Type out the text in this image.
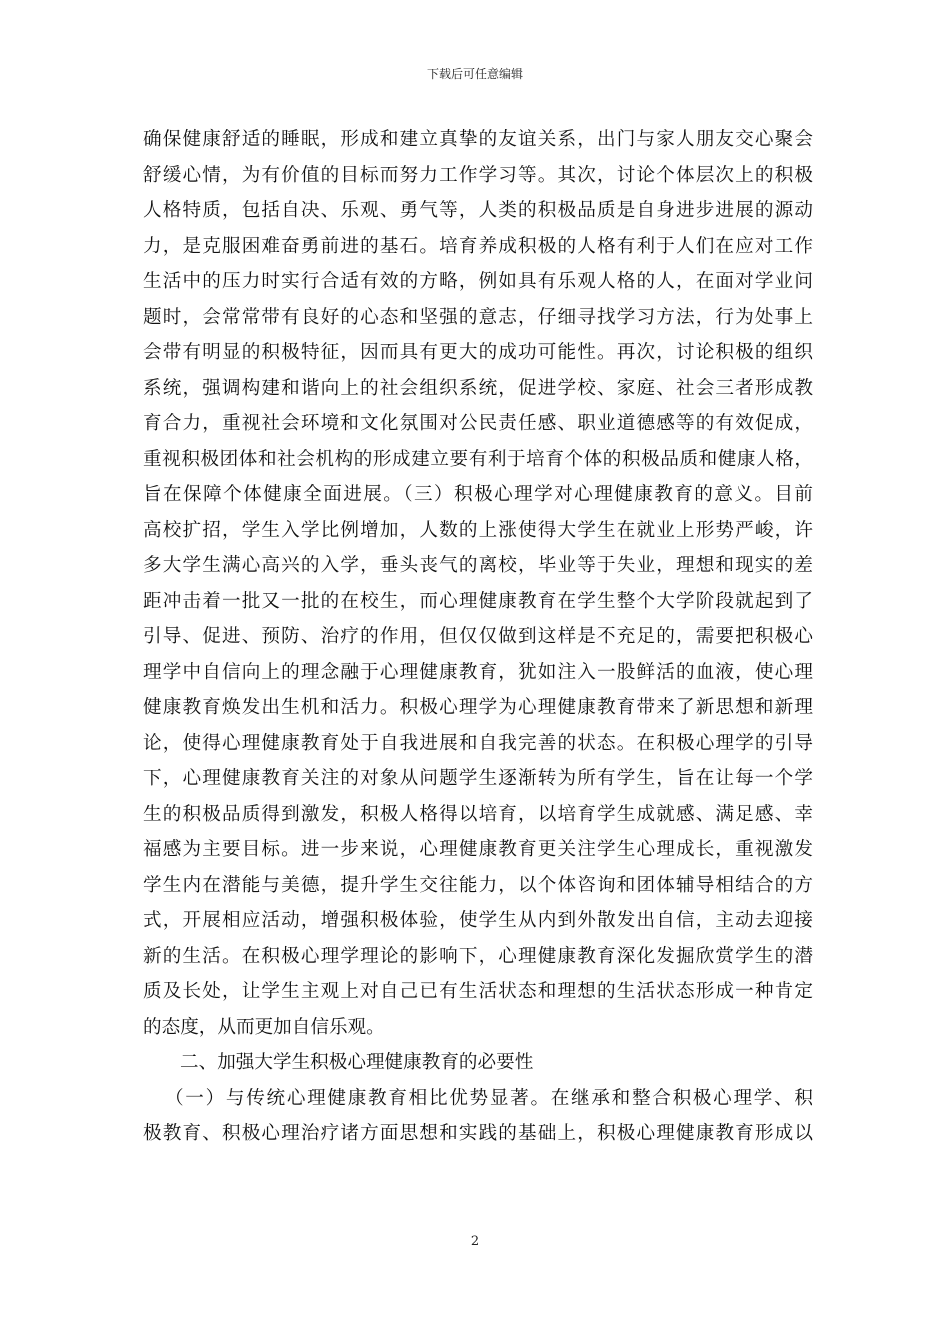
下载后可任意编辑
确保健康舒适的睡眠，形成和建立真挚的友谊关系，出门与家人朋友交心聚会
舒缓心情，为有价值的目标而努力工作学习等。其次，讨论个体层次上的积极
人格特质，包括自决、乐观、勇气等，人类的积极品质是自身进步进展的源动
力，是克服困难奋勇前进的基石。培育养成积极的人格有利于人们在应对工作
生活中的压力时实行合适有效的方略，例如具有乐观人格的人，在面对学业问
题时，会常常带有良好的心态和坚强的意志，仔细寻找学习方法，行为处事上
会带有明显的积极特征，因而具有更大的成功可能性。再次，讨论积极的组织
系统，强调构建和谐向上的社会组织系统，促进学校、家庭、社会三者形成教
育合力，重视社会环境和文化氛围对公民责任感、职业道德感等的有效促成，
重视积极团体和社会机构的形成建立要有利于培育个体的积极品质和健康人格，
旨在保障个体健康全面进展。（三）积极心理学对心理健康教育的意义。目前
高校扩招，学生入学比例增加，人数的上涨使得大学生在就业上形势严峻，许
多大学生满心高兴的入学，垂头丧气的离校，毕业等于失业，理想和现实的差
距冲击着一批又一批的在校生，而心理健康教育在学生整个大学阶段就起到了
引导、促进、预防、治疗的作用，但仅仅做到这样是不充足的，需要把积极心
理学中自信向上的理念融于心理健康教育，犹如注入一股鲜活的血液，使心理
健康教育焕发出生机和活力。积极心理学为心理健康教育带来了新思想和新理
论，使得心理健康教育处于自我进展和自我完善的状态。在积极心理学的引导
下，心理健康教育关注的对象从问题学生逐渐转为所有学生，旨在让每一个学
生的积极品质得到激发，积极人格得以培育，以培育学生成就感、满足感、幸
福感为主要目标。进一步来说，心理健康教育更关注学生心理成长，重视激发
学生内在潜能与美德，提升学生交往能力，以个体咨询和团体辅导相结合的方
式，开展相应活动，增强积极体验，使学生从内到外散发出自信，主动去迎接
新的生活。在积极心理学理论的影响下，心理健康教育深化发掘欣赏学生的潜
质及长处，让学生主观上对自己已有生活状态和理想的生活状态形成一种肯定
的态度，从而更加自信乐观。
二、加强大学生积极心理健康教育的必要性
（一）与传统心理健康教育相比优势显著。在继承和整合积极心理学、积
极教育、积极心理治疗诸方面思想和实践的基础上，积极心理健康教育形成以
2
